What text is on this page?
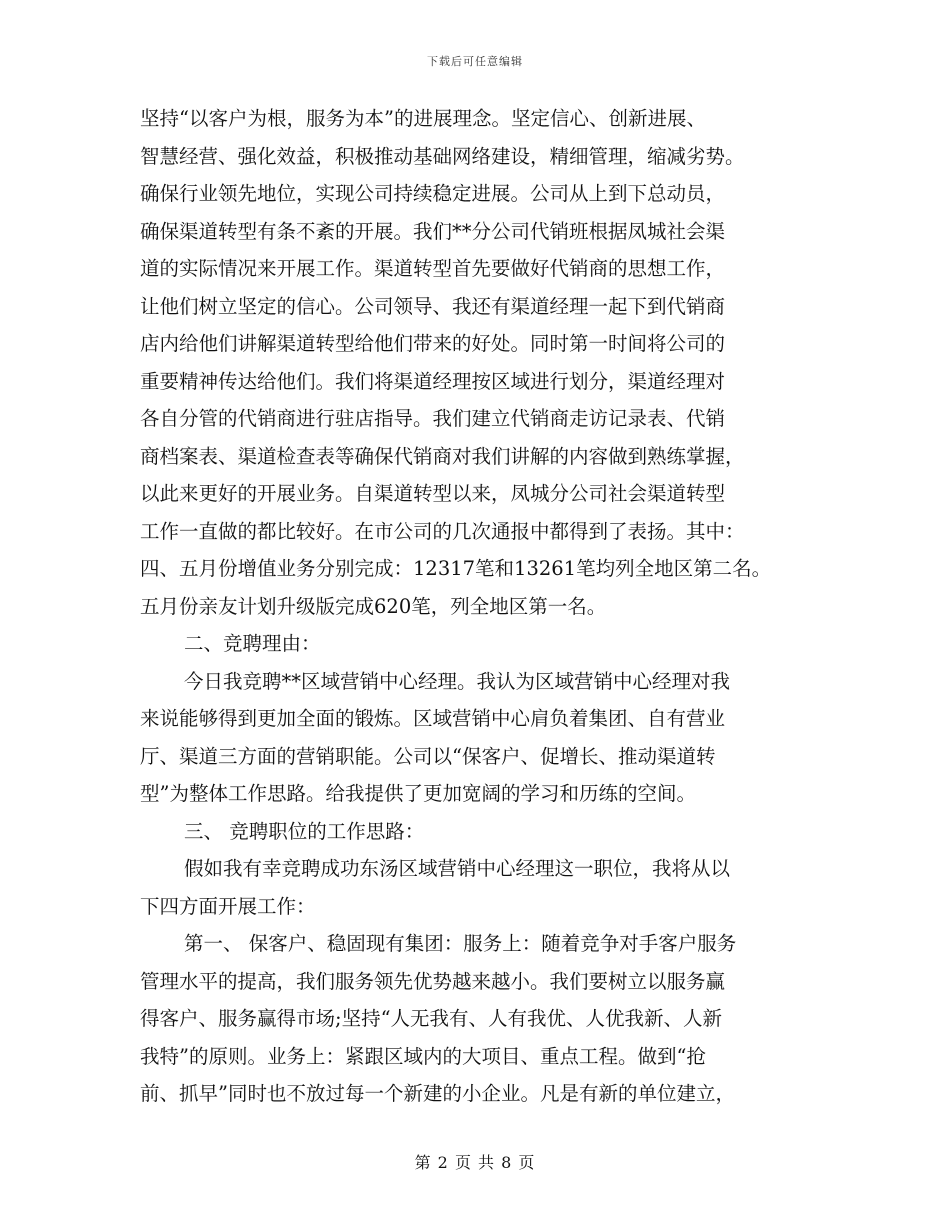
下载后可任意编辑
坚持“以客户为根，服务为本”的进展理念。坚定信心、创新进展、
智慧经营、强化效益，积极推动基础网络建设，精细管理，缩减劣势。
确保行业领先地位，实现公司持续稳定进展。公司从上到下总动员，
确保渠道转型有条不紊的开展。我们**分公司代销班根据凤城社会渠
道的实际情况来开展工作。渠道转型首先要做好代销商的思想工作，
让他们树立坚定的信心。公司领导、我还有渠道经理一起下到代销商
店内给他们讲解渠道转型给他们带来的好处。同时第一时间将公司的
重要精神传达给他们。我们将渠道经理按区域进行划分，渠道经理对
各自分管的代销商进行驻店指导。我们建立代销商走访记录表、代销
商档案表、渠道检查表等确保代销商对我们讲解的内容做到熟练掌握，
以此来更好的开展业务。自渠道转型以来，凤城分公司社会渠道转型
工作一直做的都比较好。在市公司的几次通报中都得到了表扬。其中：
四、五月份增值业务分别完成：12317笔和13261笔均列全地区第二名。
五月份亲友计划升级版完成620笔，列全地区第一名。
二、竞聘理由：
今日我竞聘**区域营销中心经理。我认为区域营销中心经理对我
来说能够得到更加全面的锻炼。区域营销中心肩负着集团、自有营业
厅、渠道三方面的营销职能。公司以“保客户、促增长、推动渠道转
型”为整体工作思路。给我提供了更加宽阔的学习和历练的空间。
三、 竞聘职位的工作思路：
假如我有幸竞聘成功东汤区域营销中心经理这一职位，我将从以
下四方面开展工作：
第一、 保客户、稳固现有集团：服务上：随着竞争对手客户服务
管理水平的提高，我们服务领先优势越来越小。我们要树立以服务赢
得客户、服务赢得市场;坚持“人无我有、人有我优、人优我新、人新
我特”的原则。业务上：紧跟区域内的大项目、重点工程。做到“抢
前、抓早”同时也不放过每一个新建的小企业。凡是有新的单位建立，
第 2 页 共 8 页
